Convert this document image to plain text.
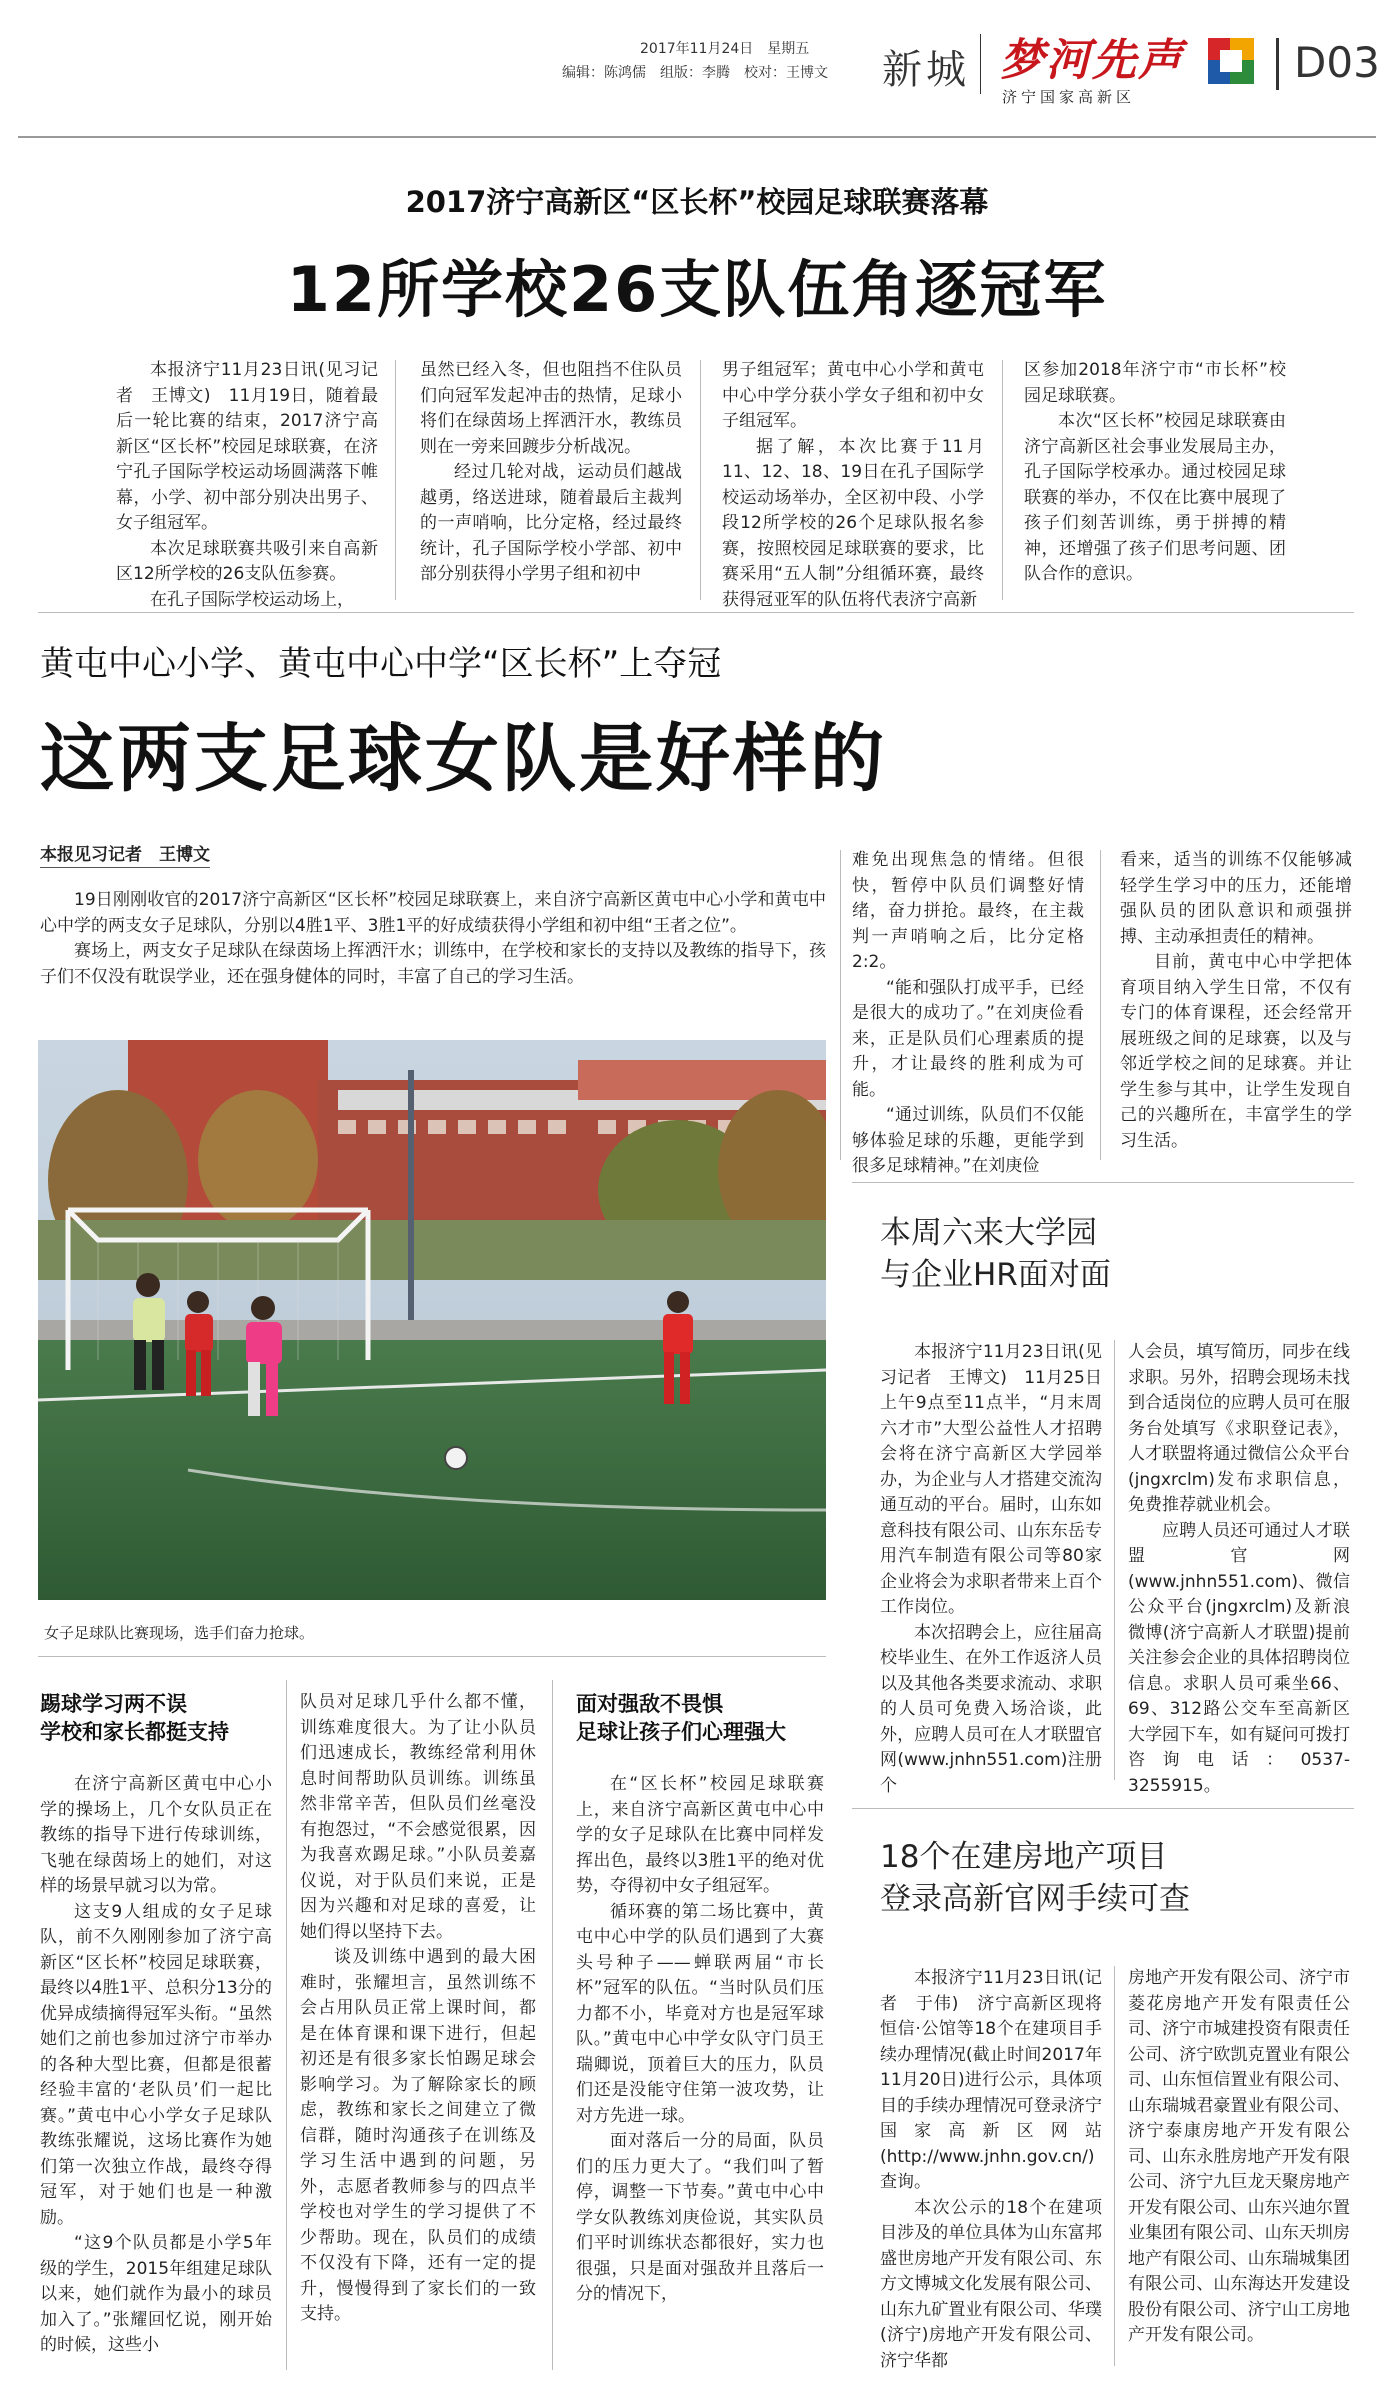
2017年11月24日　星期五
编辑：陈鸿儒　组版：李腾　校对：王博文 新城 梦河先声
济宁国家高新区
D03
2017济宁高新区“区长杯”校园足球联赛落幕
12所学校26支队伍角逐冠军

本报济宁11月23日讯(见习记者　王博文)　11月19日，随着最后一轮比赛的结束，2017济宁高新区“区长杯”校园足球联赛，在济宁孔子国际学校运动场圆满落下帷幕，小学、初中部分别决出男子、女子组冠军。

本次足球联赛共吸引来自高新区12所学校的26支队伍参赛。

在孔子国际学校运动场上，

虽然已经入冬，但也阻挡不住队员们向冠军发起冲击的热情，足球小将们在绿茵场上挥洒汗水，教练员则在一旁来回踱步分析战况。

经过几轮对战，运动员们越战越勇，络送进球，随着最后主裁判的一声哨响，比分定格，经过最终统计，孔子国际学校小学部、初中部分别获得小学男子组和初中

男子组冠军；黄屯中心小学和黄屯中心中学分获小学女子组和初中女子组冠军。

据了解，本次比赛于11月11、12、18、19日在孔子国际学校运动场举办，全区初中段、小学段12所学校的26个足球队报名参赛，按照校园足球联赛的要求，比赛采用“五人制”分组循环赛，最终获得冠亚军的队伍将代表济宁高新

区参加2018年济宁市“市长杯”校园足球联赛。

本次“区长杯”校园足球联赛由济宁高新区社会事业发展局主办，孔子国际学校承办。通过校园足球联赛的举办，不仅在比赛中展现了孩子们刻苦训练，勇于拼搏的精神，还增强了孩子们思考问题、团队合作的意识。

黄屯中心小学、黄屯中心中学“区长杯”上夺冠
这两支足球女队是好样的
本报见习记者　王博文

19日刚刚收官的2017济宁高新区“区长杯”校园足球联赛上，来自济宁高新区黄屯中心小学和黄屯中心中学的两支女子足球队，分别以4胜1平、3胜1平的好成绩获得小学组和初中组“王者之位”。

赛场上，两支女子足球队在绿茵场上挥洒汗水；训练中，在学校和家长的支持以及教练的指导下，孩子们不仅没有耽误学业，还在强身健体的同时，丰富了自己的学习生活。

难免出现焦急的情绪。但很快，暂停中队员们调整好情绪，奋力拼抢。最终，在主裁判一声哨响之后，比分定格2:2。

“能和强队打成平手，已经是很大的成功了。”在刘庚俭看来，正是队员们心理素质的提升，才让最终的胜利成为可能。

“通过训练，队员们不仅能够体验足球的乐趣，更能学到很多足球精神。”在刘庚俭

看来，适当的训练不仅能够减轻学生学习中的压力，还能增强队员的团队意识和顽强拼搏、主动承担责任的精神。

目前，黄屯中心中学把体育项目纳入学生日常，不仅有专门的体育课程，还会经常开展班级之间的足球赛，以及与邻近学校之间的足球赛。并让学生参与其中，让学生发现自己的兴趣所在，丰富学生的学习生活。

女子足球队比赛现场，选手们奋力抢球。
踢球学习两不误
学校和家长都挺支持

在济宁高新区黄屯中心小学的操场上，几个女队员正在教练的指导下进行传球训练，飞驰在绿茵场上的她们，对这样的场景早就习以为常。

这支9人组成的女子足球队，前不久刚刚参加了济宁高新区“区长杯”校园足球联赛，最终以4胜1平、总积分13分的优异成绩摘得冠军头衔。“虽然她们之前也参加过济宁市举办的各种大型比赛，但都是很蓄经验丰富的‘老队员’们一起比赛。”黄屯中心小学女子足球队教练张耀说，这场比赛作为她们第一次独立作战，最终夺得冠军，对于她们也是一种激励。

“这9个队员都是小学5年级的学生，2015年组建足球队以来，她们就作为最小的球员加入了。”张耀回忆说，刚开始的时候，这些小

队员对足球几乎什么都不懂，训练难度很大。为了让小队员们迅速成长，教练经常利用休息时间帮助队员训练。训练虽然非常辛苦，但队员们丝毫没有抱怨过，“不会感觉很累，因为我喜欢踢足球。”小队员姜嘉仪说，对于队员们来说，正是因为兴趣和对足球的喜爱，让她们得以坚持下去。

谈及训练中遇到的最大困难时，张耀坦言，虽然训练不会占用队员正常上课时间，都是在体育课和课下进行，但起初还是有很多家长怕踢足球会影响学习。为了解除家长的顾虑，教练和家长之间建立了微信群，随时沟通孩子在训练及学习生活中遇到的问题，另外，志愿者教师参与的四点半学校也对学生的学习提供了不少帮助。现在，队员们的成绩不仅没有下降，还有一定的提升，慢慢得到了家长们的一致支持。

面对强敌不畏惧
足球让孩子们心理强大

在“区长杯”校园足球联赛上，来自济宁高新区黄屯中心中学的女子足球队在比赛中同样发挥出色，最终以3胜1平的绝对优势，夺得初中女子组冠军。

循环赛的第二场比赛中，黄屯中心中学的队员们遇到了大赛头号种子——蝉联两届“市长杯”冠军的队伍。“当时队员们压力都不小，毕竟对方也是冠军球队。”黄屯中心中学女队守门员王瑞卿说，顶着巨大的压力，队员们还是没能守住第一波攻势，让对方先进一球。

面对落后一分的局面，队员们的压力更大了。“我们叫了暂停，调整一下节奏。”黄屯中心中学女队教练刘庚俭说，其实队员们平时训练状态都很好，实力也很强，只是面对强敌并且落后一分的情况下，

本周六来大学园
与企业HR面对面

本报济宁11月23日讯(见习记者　王博文)　11月25日上午9点至11点半，“月末周六才市”大型公益性人才招聘会将在济宁高新区大学园举办，为企业与人才搭建交流沟通互动的平台。届时，山东如意科技有限公司、山东东岳专用汽车制造有限公司等80家企业将会为求职者带来上百个工作岗位。

本次招聘会上，应往届高校毕业生、在外工作返济人员以及其他各类要求流动、求职的人员可免费入场洽谈，此外，应聘人员可在人才联盟官网(www.jnhn551.com)注册个

人会员，填写简历，同步在线求职。另外，招聘会现场未找到合适岗位的应聘人员可在服务台处填写《求职登记表》，人才联盟将通过微信公众平台(jngxrclm)发布求职信息，免费推荐就业机会。

应聘人员还可通过人才联盟官网(www.jnhn551.com)、微信公众平台(jngxrclm)及新浪微博(济宁高新人才联盟)提前关注参会企业的具体招聘岗位信息。求职人员可乘坐66、69、312路公交车至高新区大学园下车，如有疑问可拨打咨询电话：0537-3255915。

18个在建房地产项目
登录高新官网手续可查

本报济宁11月23日讯(记者　于伟)　济宁高新区现将恒信·公馆等18个在建项目手续办理情况(截止时间2017年11月20日)进行公示，具体项目的手续办理情况可登录济宁国家高新区网站(http://www.jnhn.gov.cn/)查询。

本次公示的18个在建项目涉及的单位具体为山东富邦盛世房地产开发有限公司、东方文博城文化发展有限公司、山东九矿置业有限公司、华璞(济宁)房地产开发有限公司、济宁华都

房地产开发有限公司、济宁市菱花房地产开发有限责任公司、济宁市城建投资有限责任公司、济宁欧凯克置业有限公司、山东恒信置业有限公司、山东瑞城君豪置业有限公司、济宁泰康房地产开发有限公司、山东永胜房地产开发有限公司、济宁九巨龙天聚房地产开发有限公司、山东兴迪尔置业集团有限公司、山东天圳房地产有限公司、山东瑞城集团有限公司、山东海达开发建设股份有限公司、济宁山工房地产开发有限公司。
